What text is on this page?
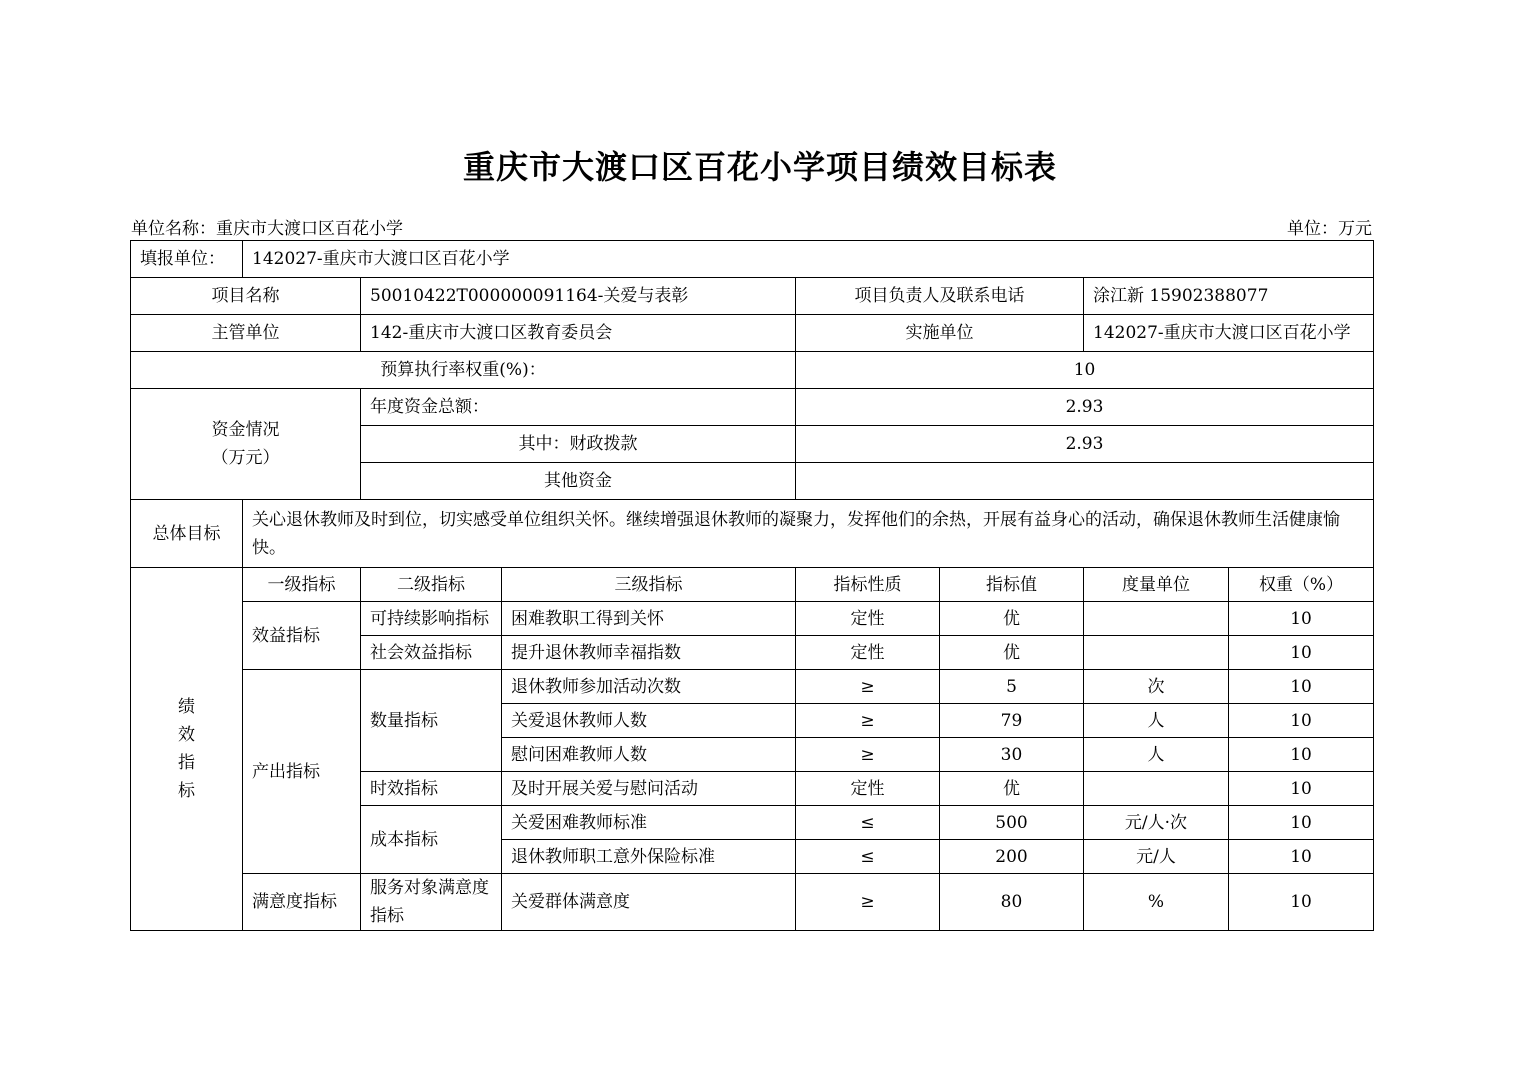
重庆市大渡口区百花小学项目绩效目标表
单位名称：重庆市大渡口区百花小学	单位：万元
填报单位：	142027-重庆市大渡口区百花小学						
项目名称		50010422T000000091164-关爱与表彰		项目负责人及联系电话		涂江新 15902388077	
主管单位		142-重庆市大渡口区教育委员会		实施单位		142027-重庆市大渡口区百花小学	
预算执行率权重(%)：				10			

资金情况
（万元）		年度资金总额：		2.93			
		其中：财政拨款		2.93			
		其他资金					
总体目标	关心退休教师及时到位，切实感受单位组织关怀。继续增强退休教师的凝聚力，发挥他们的余热，开展有益身心的活动，确保退休教师生活健康愉快。						
绩
效
指
标	一级指标	二级指标	三级指标	指标性质	指标值	度量单位	权重（%）
	效益指标	可持续影响指标	困难教职工得到关怀	定性	优		10
		社会效益指标	提升退休教师幸福指数	定性	优		10
	产出指标	数量指标	退休教师参加活动次数	≥	5	次	10
			关爱退休教师人数	≥	79	人	10
			慰问困难教师人数	≥	30	人	10
		时效指标	及时开展关爱与慰问活动	定性	优		10
		成本指标	关爱困难教师标准	≤	500	元/人·次	10
			退休教师职工意外保险标准	≤	200	元/人	10
	满意度指标	服务对象满意度指标	关爱群体满意度	≥	80	%	10
